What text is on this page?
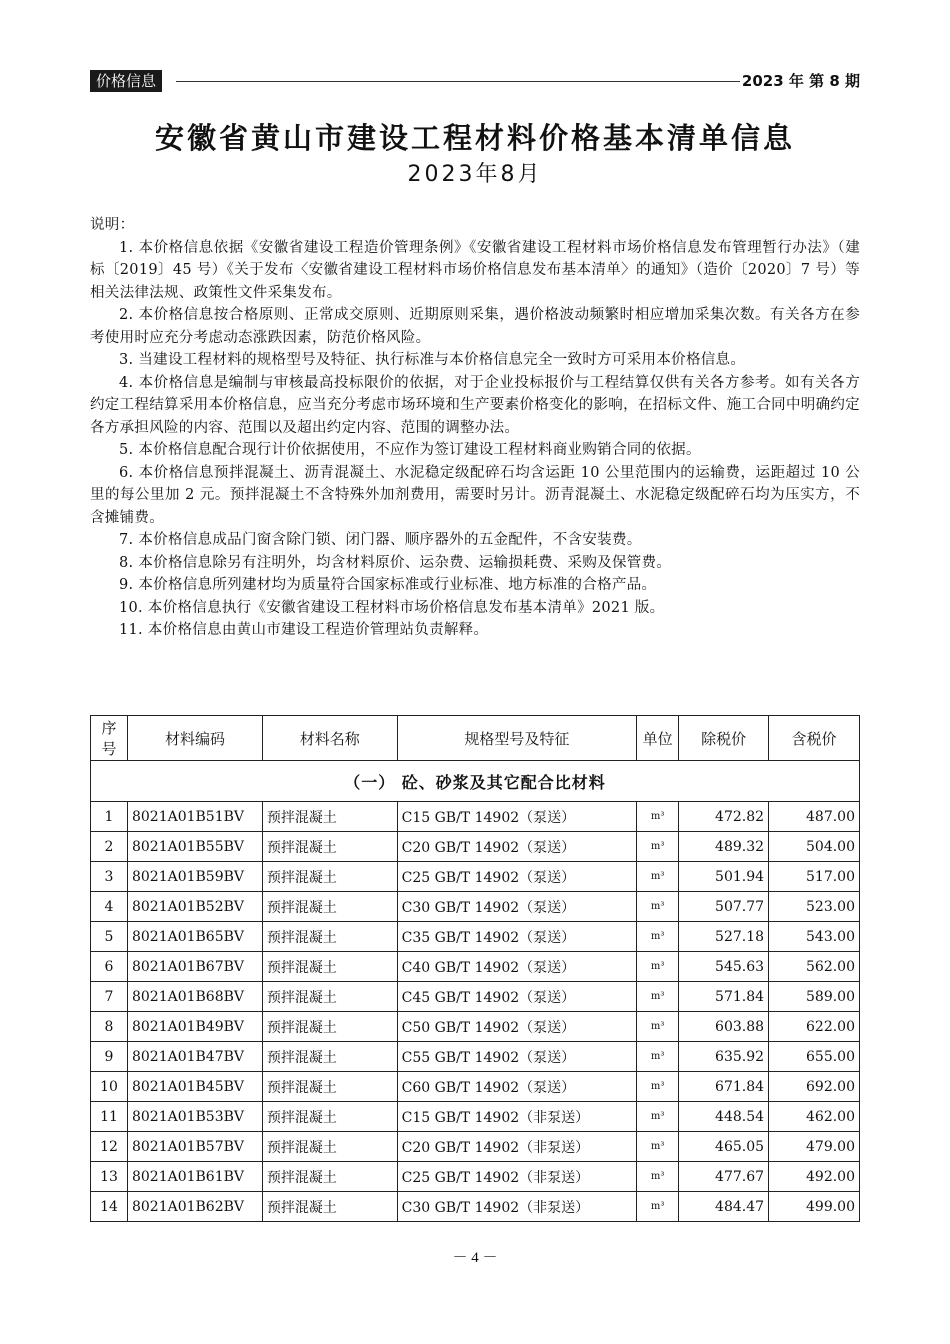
价格信息	2023 年 第 8 期
安徽省黄山市建设工程材料价格基本清单信息
2023年8月

说明：

1. 本价格信息依据《安徽省建设工程造价管理条例》《安徽省建设工程材料市场价格信息发布管理暂行办法》（建标〔2019〕45 号）《关于发布〈安徽省建设工程材料市场价格信息发布基本清单〉的通知》（造价〔2020〕7 号）等相关法律法规、政策性文件采集发布。

2. 本价格信息按合格原则、正常成交原则、近期原则采集，遇价格波动频繁时相应增加采集次数。有关各方在参考使用时应充分考虑动态涨跌因素，防范价格风险。

3. 当建设工程材料的规格型号及特征、执行标准与本价格信息完全一致时方可采用本价格信息。

4. 本价格信息是编制与审核最高投标限价的依据，对于企业投标报价与工程结算仅供有关各方参考。如有关各方约定工程结算采用本价格信息，应当充分考虑市场环境和生产要素价格变化的影响，在招标文件、施工合同中明确约定各方承担风险的内容、范围以及超出约定内容、范围的调整办法。

5. 本价格信息配合现行计价依据使用，不应作为签订建设工程材料商业购销合同的依据。

6. 本价格信息预拌混凝土、沥青混凝土、水泥稳定级配碎石均含运距 10 公里范围内的运输费，运距超过 10 公里的每公里加 2 元。预拌混凝土不含特殊外加剂费用，需要时另计。沥青混凝土、水泥稳定级配碎石均为压实方，不含摊铺费。

7. 本价格信息成品门窗含除门锁、闭门器、顺序器外的五金配件，不含安装费。

8. 本价格信息除另有注明外，均含材料原价、运杂费、运输损耗费、采购及保管费。

9. 本价格信息所列建材均为质量符合国家标准或行业标准、地方标准的合格产品。

10. 本价格信息执行《安徽省建设工程材料市场价格信息发布基本清单》2021 版。

11. 本价格信息由黄山市建设工程造价管理站负责解释。

序号	材料编码	材料名称	规格型号及特征	单位	除税价	含税价
（一） 砼、砂浆及其它配合比材料						
1	8021A01B51BV	预拌混凝土	C15 GB/T 14902（泵送）	m³	472.82	487.00
2	8021A01B55BV	预拌混凝土	C20 GB/T 14902（泵送）	m³	489.32	504.00
3	8021A01B59BV	预拌混凝土	C25 GB/T 14902（泵送）	m³	501.94	517.00
4	8021A01B52BV	预拌混凝土	C30 GB/T 14902（泵送）	m³	507.77	523.00
5	8021A01B65BV	预拌混凝土	C35 GB/T 14902（泵送）	m³	527.18	543.00
6	8021A01B67BV	预拌混凝土	C40 GB/T 14902（泵送）	m³	545.63	562.00
7	8021A01B68BV	预拌混凝土	C45 GB/T 14902（泵送）	m³	571.84	589.00
8	8021A01B49BV	预拌混凝土	C50 GB/T 14902（泵送）	m³	603.88	622.00
9	8021A01B47BV	预拌混凝土	C55 GB/T 14902（泵送）	m³	635.92	655.00
10	8021A01B45BV	预拌混凝土	C60 GB/T 14902（泵送）	m³	671.84	692.00
11	8021A01B53BV	预拌混凝土	C15 GB/T 14902（非泵送）	m³	448.54	462.00
12	8021A01B57BV	预拌混凝土	C20 GB/T 14902（非泵送）	m³	465.05	479.00
13	8021A01B61BV	预拌混凝土	C25 GB/T 14902（非泵送）	m³	477.67	492.00
14	8021A01B62BV	预拌混凝土	C30 GB/T 14902（非泵送）	m³	484.47	499.00
－ 4 －
